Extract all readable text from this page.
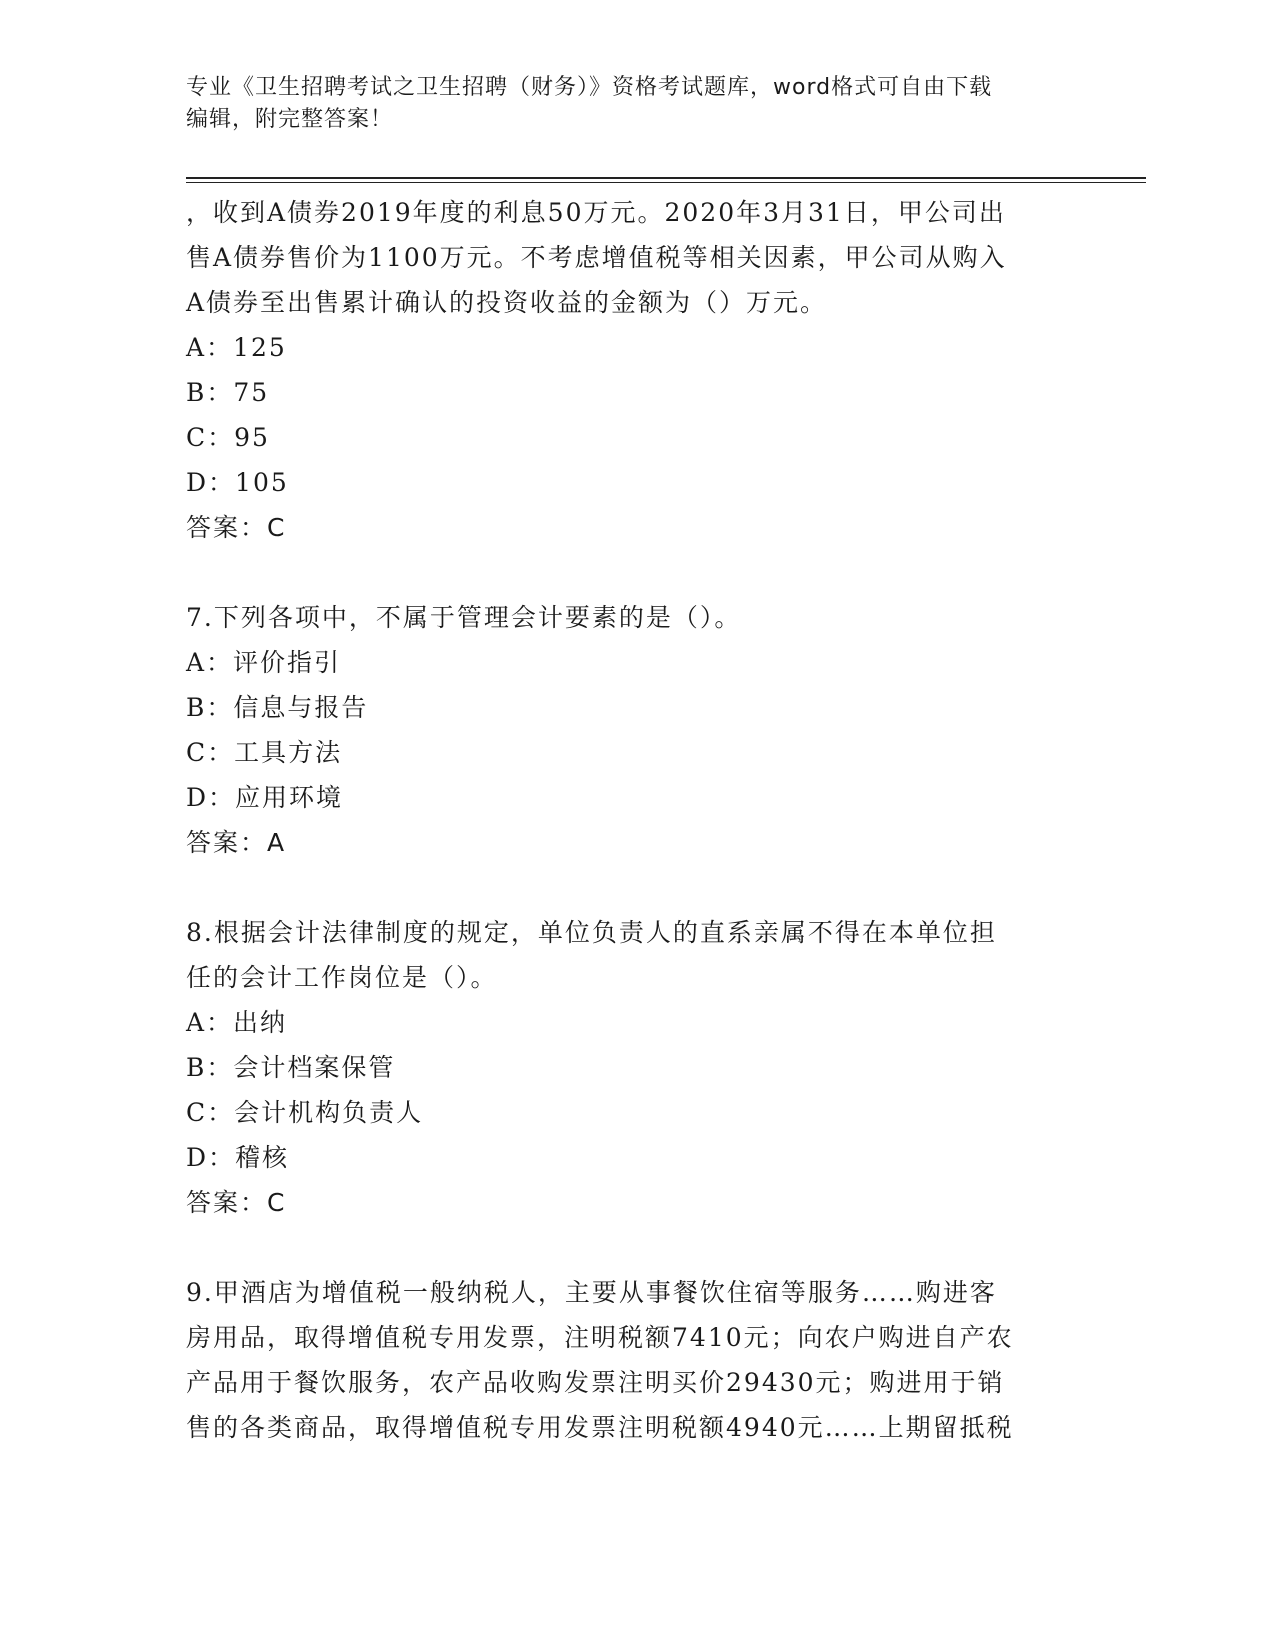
专业《卫生招聘考试之卫生招聘（财务）》资格考试题库，word格式可自由下载
编辑，附完整答案！
，收到A债券2019年度的利息50万元。2020年3月31日，甲公司出
售A债券售价为1100万元。不考虑增值税等相关因素，甲公司从购入
A债券至出售累计确认的投资收益的金额为（）万元。
A：125
B：75
C：95
D：105
答案：C
7.下列各项中，不属于管理会计要素的是（）。
A：评价指引
B：信息与报告
C：工具方法
D：应用环境
答案：A
8.根据会计法律制度的规定，单位负责人的直系亲属不得在本单位担
任的会计工作岗位是（）。
A：出纳
B：会计档案保管
C：会计机构负责人
D：稽核
答案：C
9.甲酒店为增值税一般纳税人，主要从事餐饮住宿等服务……购进客
房用品，取得增值税专用发票，注明税额7410元；向农户购进自产农
产品用于餐饮服务，农产品收购发票注明买价29430元；购进用于销
售的各类商品，取得增值税专用发票注明税额4940元……上期留抵税
